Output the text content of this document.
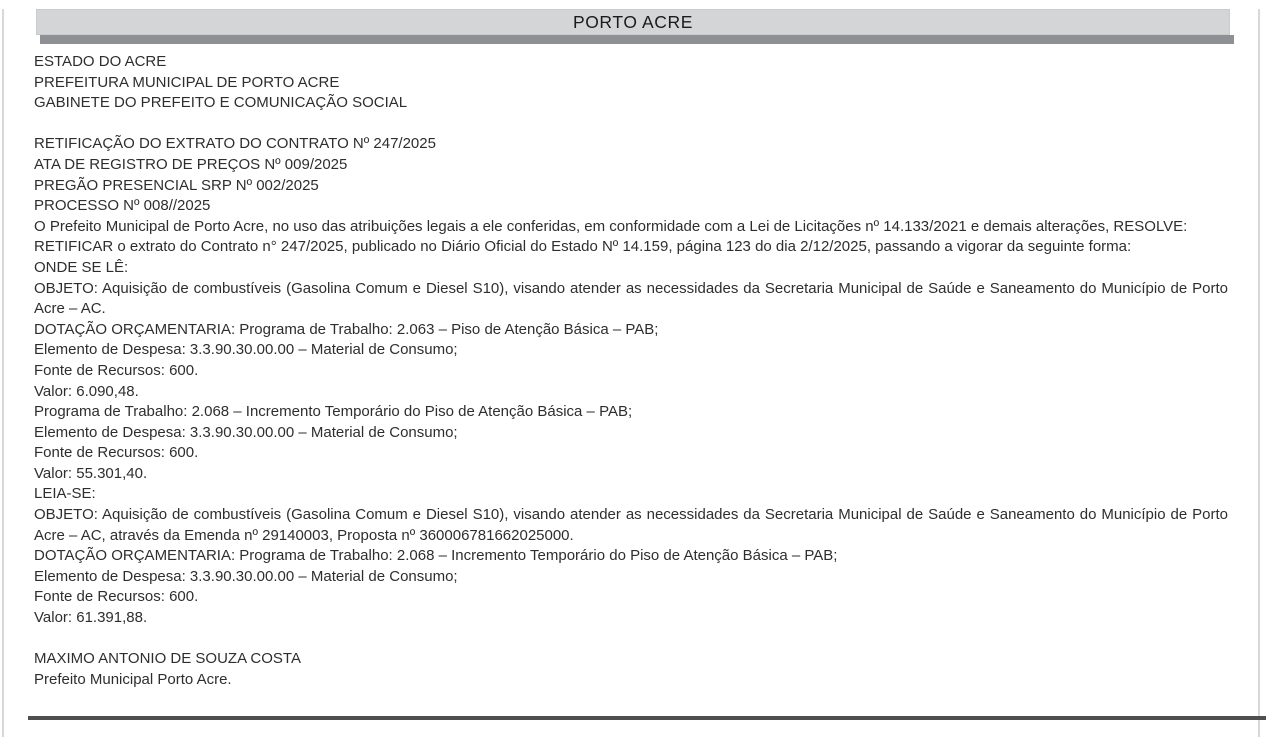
PORTO ACRE

ESTADO DO ACRE

PREFEITURA MUNICIPAL DE PORTO ACRE

GABINETE DO PREFEITO E COMUNICAÇÃO SOCIAL

RETIFICAÇÃO DO EXTRATO DO CONTRATO Nº 247/2025

ATA DE REGISTRO DE PREÇOS Nº 009/2025

PREGÃO PRESENCIAL SRP Nº 002/2025

PROCESSO Nº 008//2025

O Prefeito Municipal de Porto Acre, no uso das atribuições legais a ele conferidas, em conformidade com a Lei de Licitações nº 14.133/2021 e demais alterações, RESOLVE:

RETIFICAR o extrato do Contrato n° 247/2025, publicado no Diário Oficial do Estado Nº 14.159, página 123 do dia 2/12/2025, passando a vigorar da seguinte forma:

ONDE SE LÊ:

OBJETO: Aquisição de combustíveis (Gasolina Comum e Diesel S10), visando atender as necessidades da Secretaria Municipal de Saúde e Saneamento do Município de Porto Acre – AC.

DOTAÇÃO ORÇAMENTARIA: Programa de Trabalho: 2.063 – Piso de Atenção Básica – PAB;

Elemento de Despesa: 3.3.90.30.00.00 – Material de Consumo;

Fonte de Recursos: 600.

Valor: 6.090,48.

Programa de Trabalho: 2.068 – Incremento Temporário do Piso de Atenção Básica – PAB;

Elemento de Despesa: 3.3.90.30.00.00 – Material de Consumo;

Fonte de Recursos: 600.

Valor: 55.301,40.

LEIA-SE:

OBJETO: Aquisição de combustíveis (Gasolina Comum e Diesel S10), visando atender as necessidades da Secretaria Municipal de Saúde e Saneamento do Município de Porto Acre – AC, através da Emenda nº 29140003, Proposta nº 360006781662025000.

DOTAÇÃO ORÇAMENTARIA: Programa de Trabalho: 2.068 – Incremento Temporário do Piso de Atenção Básica – PAB;

Elemento de Despesa: 3.3.90.30.00.00 – Material de Consumo;

Fonte de Recursos: 600.

Valor: 61.391,88.

MAXIMO ANTONIO DE SOUZA COSTA

Prefeito Municipal Porto Acre.
